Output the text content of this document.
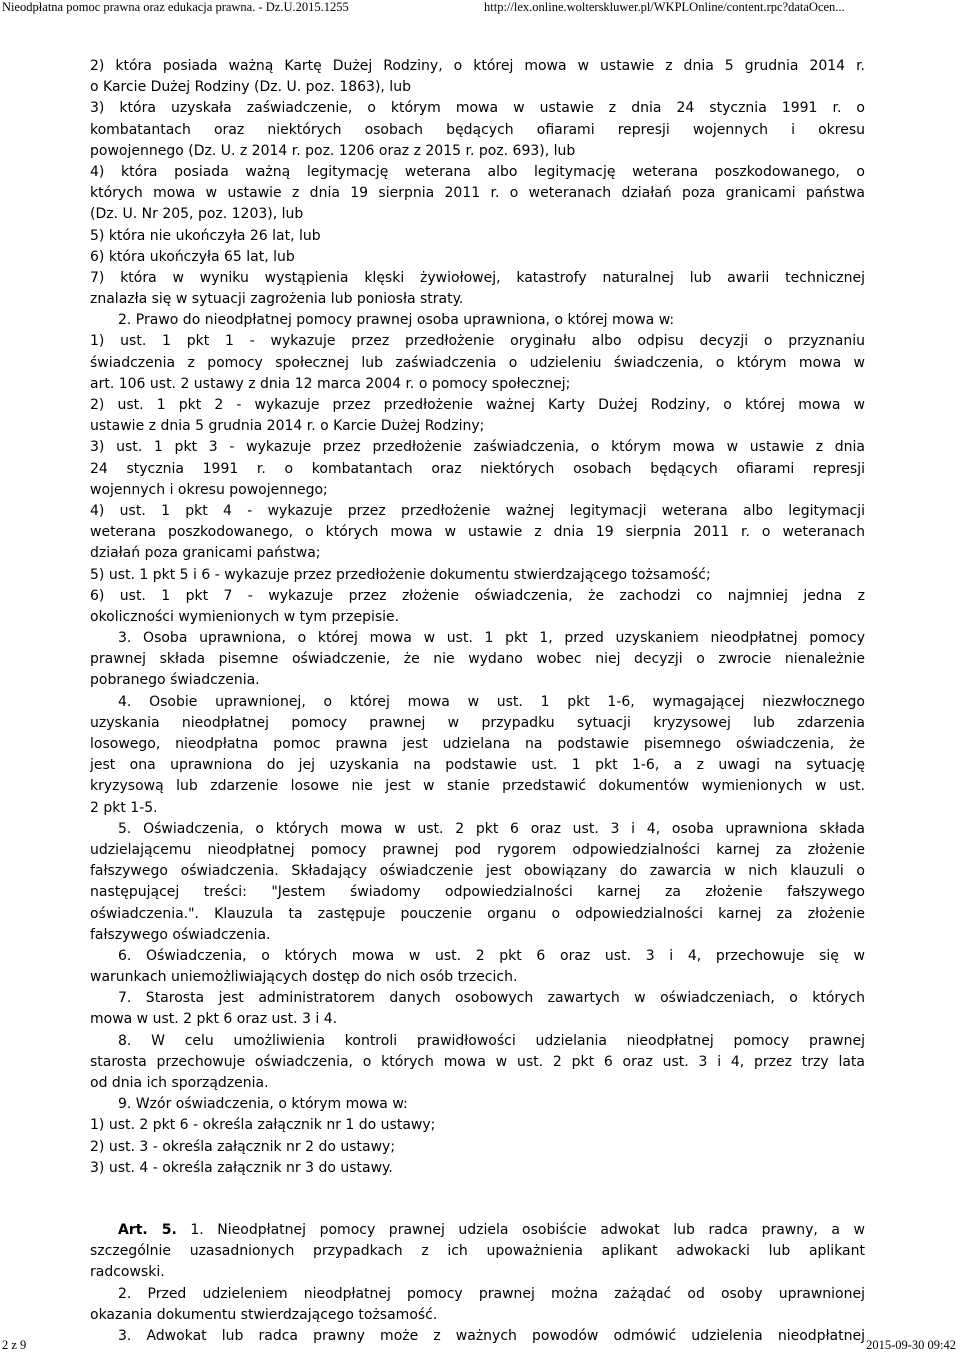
Nieodpłatna pomoc prawna oraz edukacja prawna. - Dz.U.2015.1255	http://lex.online.wolterskluwer.pl/WKPLOnline/content.rpc?dataOcen...
2) która posiada ważną Kartę Dużej Rodziny, o której mowa w ustawie z dnia 5 grudnia 2014 r.
o Karcie Dużej Rodziny (Dz. U. poz. 1863), lub
3) która uzyskała zaświadczenie, o którym mowa w ustawie z dnia 24 stycznia 1991 r. o
kombatantach oraz niektórych osobach będących ofiarami represji wojennych i okresu
powojennego (Dz. U. z 2014 r. poz. 1206 oraz z 2015 r. poz. 693), lub
4) która posiada ważną legitymację weterana albo legitymację weterana poszkodowanego, o
których mowa w ustawie z dnia 19 sierpnia 2011 r. o weteranach działań poza granicami państwa
(Dz. U. Nr 205, poz. 1203), lub
5) która nie ukończyła 26 lat, lub
6) która ukończyła 65 lat, lub
7) która w wyniku wystąpienia klęski żywiołowej, katastrofy naturalnej lub awarii technicznej
znalazła się w sytuacji zagrożenia lub poniosła straty.
2. Prawo do nieodpłatnej pomocy prawnej osoba uprawniona, o której mowa w:
1) ust. 1 pkt 1 - wykazuje przez przedłożenie oryginału albo odpisu decyzji o przyznaniu
świadczenia z pomocy społecznej lub zaświadczenia o udzieleniu świadczenia, o którym mowa w
art. 106 ust. 2 ustawy z dnia 12 marca 2004 r. o pomocy społecznej;
2) ust. 1 pkt 2 - wykazuje przez przedłożenie ważnej Karty Dużej Rodziny, o której mowa w
ustawie z dnia 5 grudnia 2014 r. o Karcie Dużej Rodziny;
3) ust. 1 pkt 3 - wykazuje przez przedłożenie zaświadczenia, o którym mowa w ustawie z dnia
24 stycznia 1991 r. o kombatantach oraz niektórych osobach będących ofiarami represji
wojennych i okresu powojennego;
4) ust. 1 pkt 4 - wykazuje przez przedłożenie ważnej legitymacji weterana albo legitymacji
weterana poszkodowanego, o których mowa w ustawie z dnia 19 sierpnia 2011 r. o weteranach
działań poza granicami państwa;
5) ust. 1 pkt 5 i 6 - wykazuje przez przedłożenie dokumentu stwierdzającego tożsamość;
6) ust. 1 pkt 7 - wykazuje przez złożenie oświadczenia, że zachodzi co najmniej jedna z
okoliczności wymienionych w tym przepisie.
3. Osoba uprawniona, o której mowa w ust. 1 pkt 1, przed uzyskaniem nieodpłatnej pomocy
prawnej składa pisemne oświadczenie, że nie wydano wobec niej decyzji o zwrocie nienależnie
pobranego świadczenia.
4. Osobie uprawnionej, o której mowa w ust. 1 pkt 1-6, wymagającej niezwłocznego
uzyskania nieodpłatnej pomocy prawnej w przypadku sytuacji kryzysowej lub zdarzenia
losowego, nieodpłatna pomoc prawna jest udzielana na podstawie pisemnego oświadczenia, że
jest ona uprawniona do jej uzyskania na podstawie ust. 1 pkt 1-6, a z uwagi na sytuację
kryzysową lub zdarzenie losowe nie jest w stanie przedstawić dokumentów wymienionych w ust.
2 pkt 1-5.
5. Oświadczenia, o których mowa w ust. 2 pkt 6 oraz ust. 3 i 4, osoba uprawniona składa
udzielającemu nieodpłatnej pomocy prawnej pod rygorem odpowiedzialności karnej za złożenie
fałszywego oświadczenia. Składający oświadczenie jest obowiązany do zawarcia w nich klauzuli o
następującej treści: "Jestem świadomy odpowiedzialności karnej za złożenie fałszywego
oświadczenia.". Klauzula ta zastępuje pouczenie organu o odpowiedzialności karnej za złożenie
fałszywego oświadczenia.
6. Oświadczenia, o których mowa w ust. 2 pkt 6 oraz ust. 3 i 4, przechowuje się w
warunkach uniemożliwiających dostęp do nich osób trzecich.
7. Starosta jest administratorem danych osobowych zawartych w oświadczeniach, o których
mowa w ust. 2 pkt 6 oraz ust. 3 i 4.
8. W celu umożliwienia kontroli prawidłowości udzielania nieodpłatnej pomocy prawnej
starosta przechowuje oświadczenia, o których mowa w ust. 2 pkt 6 oraz ust. 3 i 4, przez trzy lata
od dnia ich sporządzenia.
9. Wzór oświadczenia, o którym mowa w:
1) ust. 2 pkt 6 - określa załącznik nr 1 do ustawy;
2) ust. 3 - określa załącznik nr 2 do ustawy;
3) ust. 4 - określa załącznik nr 3 do ustawy.
Art. 5. 1. Nieodpłatnej pomocy prawnej udziela osobiście adwokat lub radca prawny, a w
szczególnie uzasadnionych przypadkach z ich upoważnienia aplikant adwokacki lub aplikant
radcowski.
2. Przed udzieleniem nieodpłatnej pomocy prawnej można zażądać od osoby uprawnionej
okazania dokumentu stwierdzającego tożsamość.
3. Adwokat lub radca prawny może z ważnych powodów odmówić udzielenia nieodpłatnej
2 z 9	2015-09-30 09:42
